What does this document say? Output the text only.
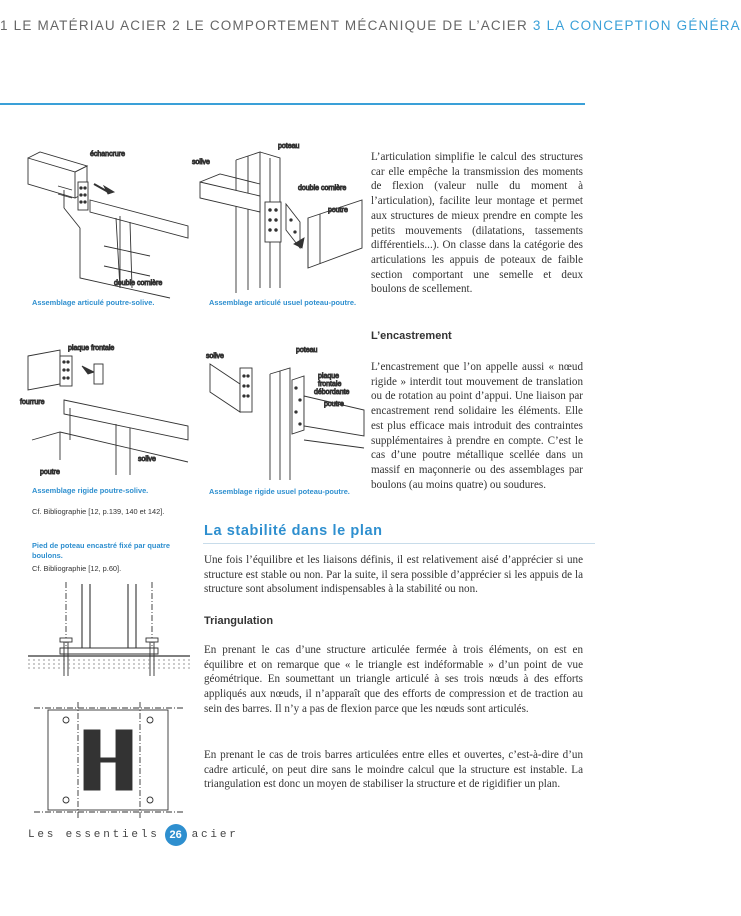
1 LE MATÉRIAU ACIER 2 LE COMPORTEMENT MÉCANIQUE DE L’ACIER 3 LA CONCEPTION GÉNÉRA
échancrure
double cornière
Assemblage articulé poutre-solive.
poteau
solive
double cornière
poutre
Assemblage articulé usuel poteau-poutre.
plaque frontale
fourrure
solive
poutre
Assemblage rigide poutre-solive.
solive
poteau
plaque
frontale
débordante
poutre
Assemblage rigide usuel poteau-poutre.
Cf. Bibliographie [12, p.139, 140 et 142].
Pied de poteau encastré fixé par quatre boulons.
Cf. Bibliographie [12, p.60].

L’articulation simplifie le calcul des structures car elle empêche la transmission des moments de flexion (valeur nulle du moment à l’articulation), facilite leur montage et permet aux structures de mieux prendre en compte les petits mouvements (dilatations, tassements différentiels...). On classe dans la catégorie des articulations les appuis de poteaux de faible section comportant une semelle et deux boulons de scellement.

L’encastrement

L’encastrement que l’on appelle aussi « nœud rigide » interdit tout mouvement de translation ou de rotation au point d’appui. Une liaison par encastrement rend solidaire les éléments. Elle est plus efficace mais introduit des contraintes supplémentaires à prendre en compte. C’est le cas d’une poutre métallique scellée dans un massif en maçonnerie ou des assemblages par boulons (au moins quatre) ou soudures.

La stabilité dans le plan

Une fois l’équilibre et les liaisons définis, il est relativement aisé d’apprécier si une structure est stable ou non. Par la suite, il sera possible d’apprécier si les appuis de la structure sont absolument indispensables à la stabilité ou non.

Triangulation

En prenant le cas d’une structure articulée fermée à trois éléments, on est en équilibre et on remarque que « le triangle est indéformable » d’un point de vue géométrique. En soumettant un triangle articulé à ses trois nœuds à des efforts appliqués aux nœuds, il n’apparaît que des efforts de compression et de traction au sein des barres. Il n’y a pas de flexion parce que les nœuds sont articulés.

En prenant le cas de trois barres articulées entre elles et ouvertes, c’est-à-dire d’un cadre articulé, on peut dire sans le moindre calcul que la structure est instable. La triangulation est donc un moyen de stabiliser la structure et de rigidifier un plan.

Les essentiels 26 acier
